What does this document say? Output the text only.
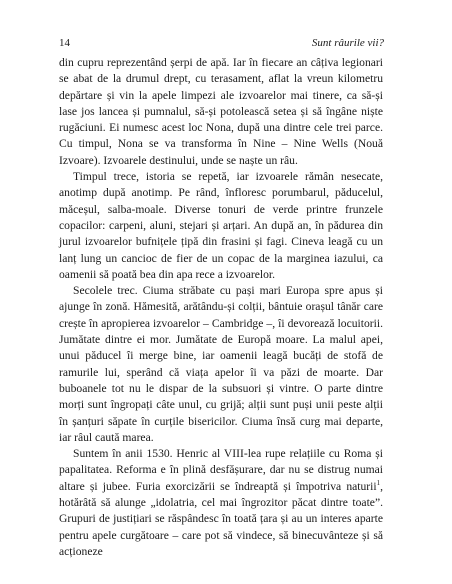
14	Sunt râurile vii?

din cupru reprezentând șerpi de apă. Iar în fiecare an câțiva legionari se abat de la drumul drept, cu terasament, aflat la vreun kilometru depărtare și vin la apele limpezi ale izvoarelor mai tinere, ca să-și lase jos lancea și pumnalul, să-și potolească setea și să îngâne niște rugăciuni. Ei numesc acest loc Nona, după una dintre cele trei parce. Cu timpul, Nona se va transforma în Nine – Nine Wells (Nouă Izvoare). Izvoarele destinului, unde se naște un râu.

Timpul trece, istoria se repetă, iar izvoarele rămân nesecate, anotimp după anotimp. Pe rând, înfloresc porumbarul, păducelul, măceșul, salba-moale. Diverse tonuri de verde printre frunzele copacilor: carpeni, aluni, stejari și arțari. An după an, în pădurea din jurul izvoarelor bufnițele țipă din frasini și fagi. Cineva leagă cu un lanț lung un cancioc de fier de un copac de la marginea iazului, ca oamenii să poată bea din apa rece a izvoarelor.

Secolele trec. Ciuma străbate cu pași mari Europa spre apus și ajunge în zonă. Hămesită, arătându-și colții, bântuie orașul tânăr care crește în apropierea izvoarelor – Cambridge –, îi devorează locuitorii. Jumătate dintre ei mor. Jumătate de Europă moare. La malul apei, unui păducel îi merge bine, iar oamenii leagă bucăți de stofă de ramurile lui, sperând că viața apelor îi va păzi de moarte. Dar buboanele tot nu le dispar de la subsuori și vintre. O parte dintre morți sunt îngropați câte unul, cu grijă; alții sunt puși unii peste alții în șanțuri săpate în curțile bisericilor. Ciuma însă curg mai departe, iar râul caută marea.

Suntem în anii 1530. Henric al VIII-lea rupe relațiile cu Roma și papalitatea. Reforma e în plină desfășurare, dar nu se distrug numai altare și jubee. Furia exorcizării se îndreaptă și împotriva naturii$^1$, hotărâtă să alunge „idolatria, cel mai îngrozitor păcat dintre toate”. Grupuri de justițiari se răspândesc în toată țara și au un interes aparte pentru apele curgătoare – care pot să vindece, să binecuvânteze și să acționeze
